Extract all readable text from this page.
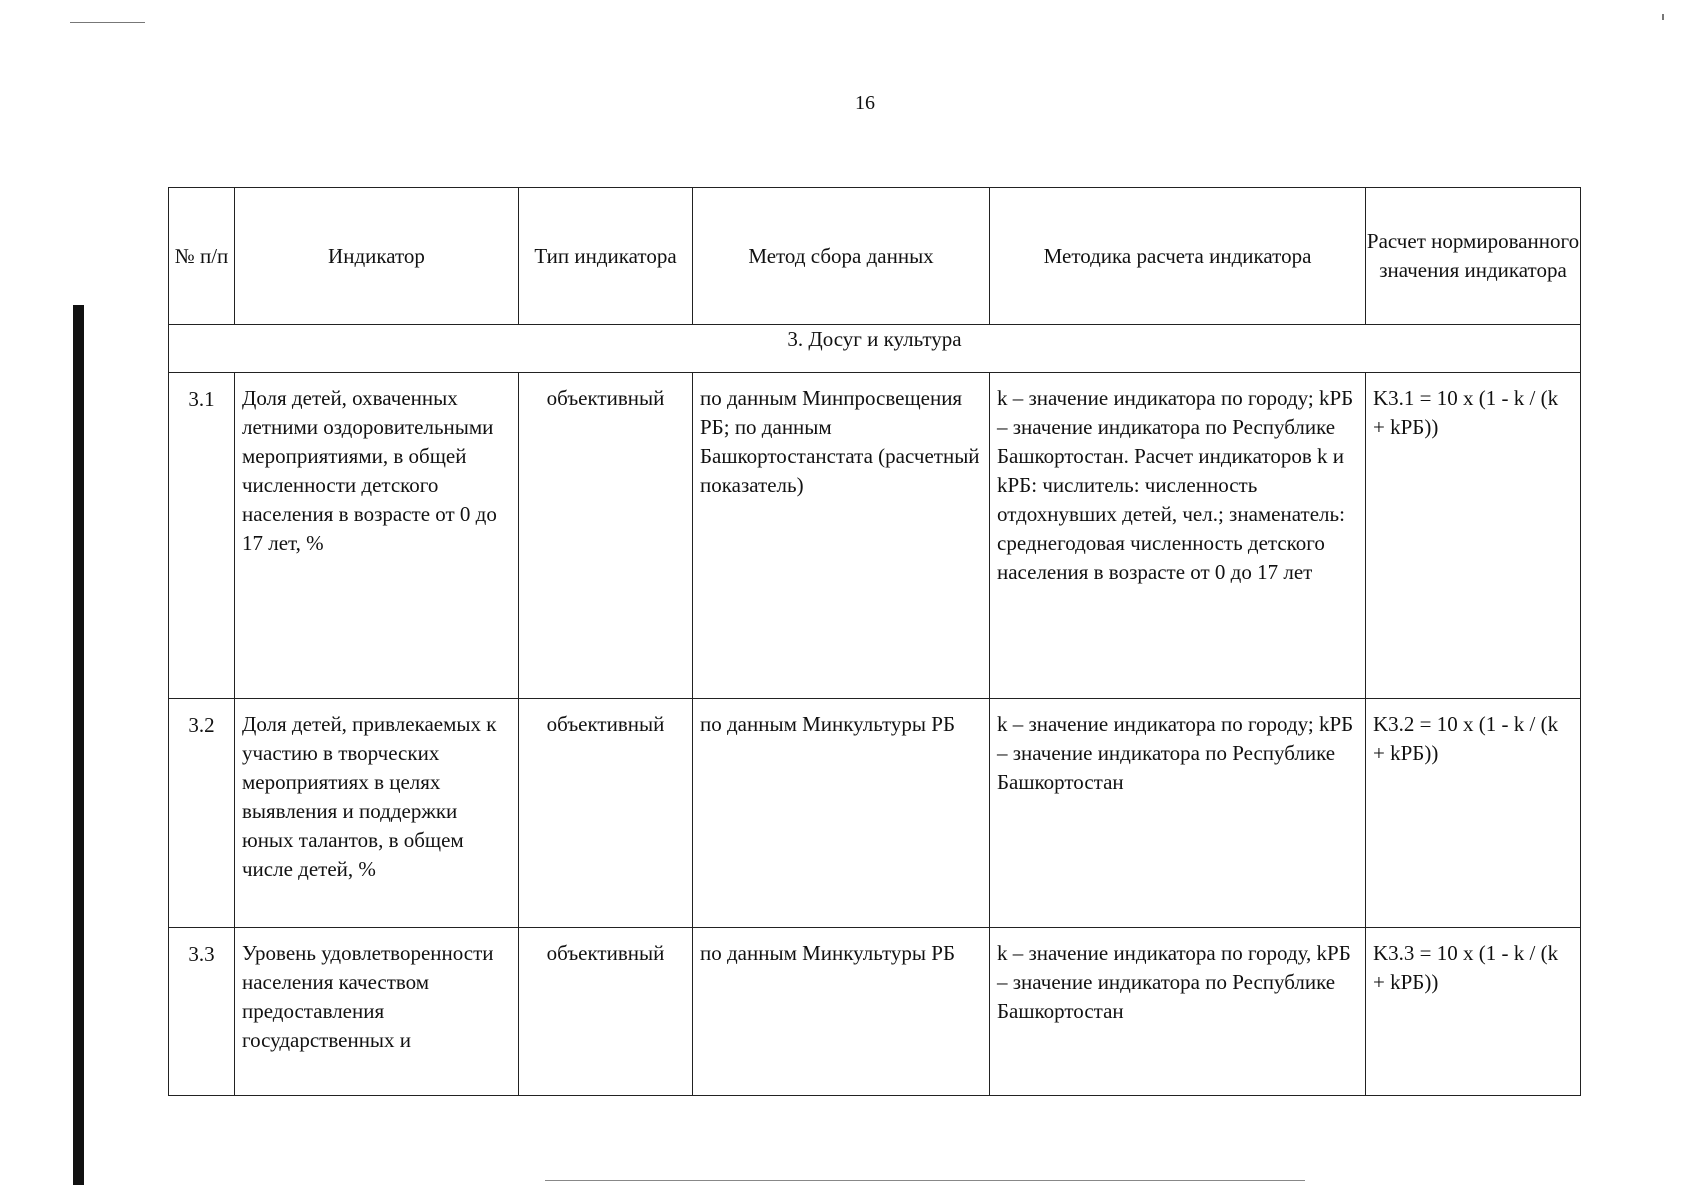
16
№ п/п	Индикатор	Тип индикатора	Метод сбора данных	Методика расчета индикатора	Расчет нормированного значения индикатора
3. Досуг и культура					
3.1	Доля детей, охваченных летними оздоровительными мероприятиями, в общей численности детского населения в возрасте от 0 до 17 лет, %	объективный	по данным Минпросвещения РБ; по данным Башкортостанстата (расчетный показатель)	k – значение индикатора по городу; kРБ – значение индикатора по Республике Башкортостан. Расчет индикаторов k и kРБ: числитель: численность отдохнувших детей, чел.; знаменатель: среднегодовая численность детского населения в возрасте от 0 до 17 лет	K3.1 = 10 x (1 - k / (k + kРБ))
3.2	Доля детей, привлекаемых к участию в творческих мероприятиях в целях выявления и поддержки юных талантов, в общем числе детей, %	объективный	по данным Минкультуры РБ	k – значение индикатора по городу; kРБ – значение индикатора по Республике Башкортостан	K3.2 = 10 x (1 - k / (k + kРБ))
3.3	Уровень удовлетворенности населения качеством предоставления государственных и	объективный	по данным Минкультуры РБ	k – значение индикатора по городу, kРБ – значение индикатора по Республике Башкортостан	K3.3 = 10 x (1 - k / (k + kРБ))
